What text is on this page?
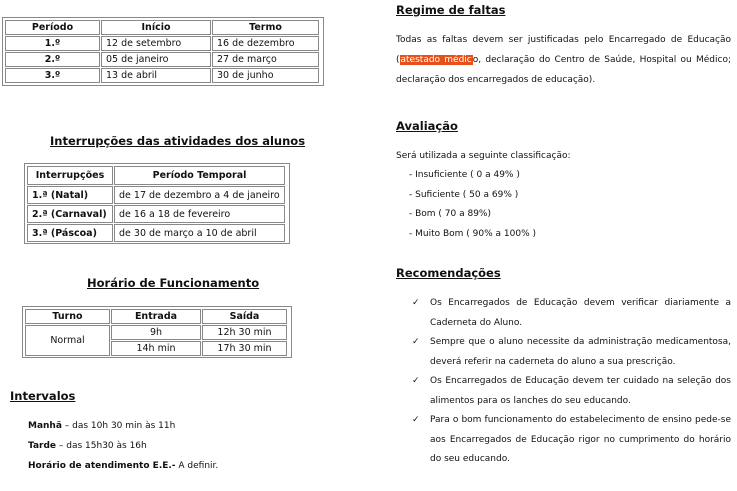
Período	Início	Termo
1.º	12 de setembro	16 de dezembro
2.º	05 de janeiro	27 de março
3.º	13 de abril	30 de junho
Interrupções das atividades dos alunos
Interrupções	Período Temporal
1.ª (Natal)	de 17 de dezembro a 4 de janeiro
2.ª (Carnaval)	de 16 a 18 de fevereiro
3.ª (Páscoa)	de 30 de março a 10 de abril
Horário de Funcionamento
Turno	Entrada	Saída
Normal	9h	12h 30 min
	14h min	17h 30 min
Intervalos
Manhã – das 10h 30 min às 11h
Tarde – das 15h30 às 16h
Horário de atendimento E.E.- A definir.
Regime de faltas
Todas as faltas devem ser justificadas pelo Encarregado de Educação (atestado médico, declaração do Centro de Saúde, Hospital ou Médico; declaração dos encarregados de educação).
Avaliação
Será utilizada a seguinte classificação:
- Insuficiente ( 0 a 49% )
- Suficiente ( 50 a 69% )
- Bom ( 70 a 89%)
- Muito Bom ( 90% a 100% )
Recomendações
✓ Os Encarregados de Educação devem verificar diariamente a Caderneta do Aluno.
✓ Sempre que o aluno necessite da administração medicamentosa, deverá referir na caderneta do aluno a sua prescrição.
✓ Os Encarregados de Educação devem ter cuidado na seleção dos alimentos para os lanches do seu educando.
✓ Para o bom funcionamento do estabelecimento de ensino pede-se aos Encarregados de Educação rigor no cumprimento do horário do seu educando.
